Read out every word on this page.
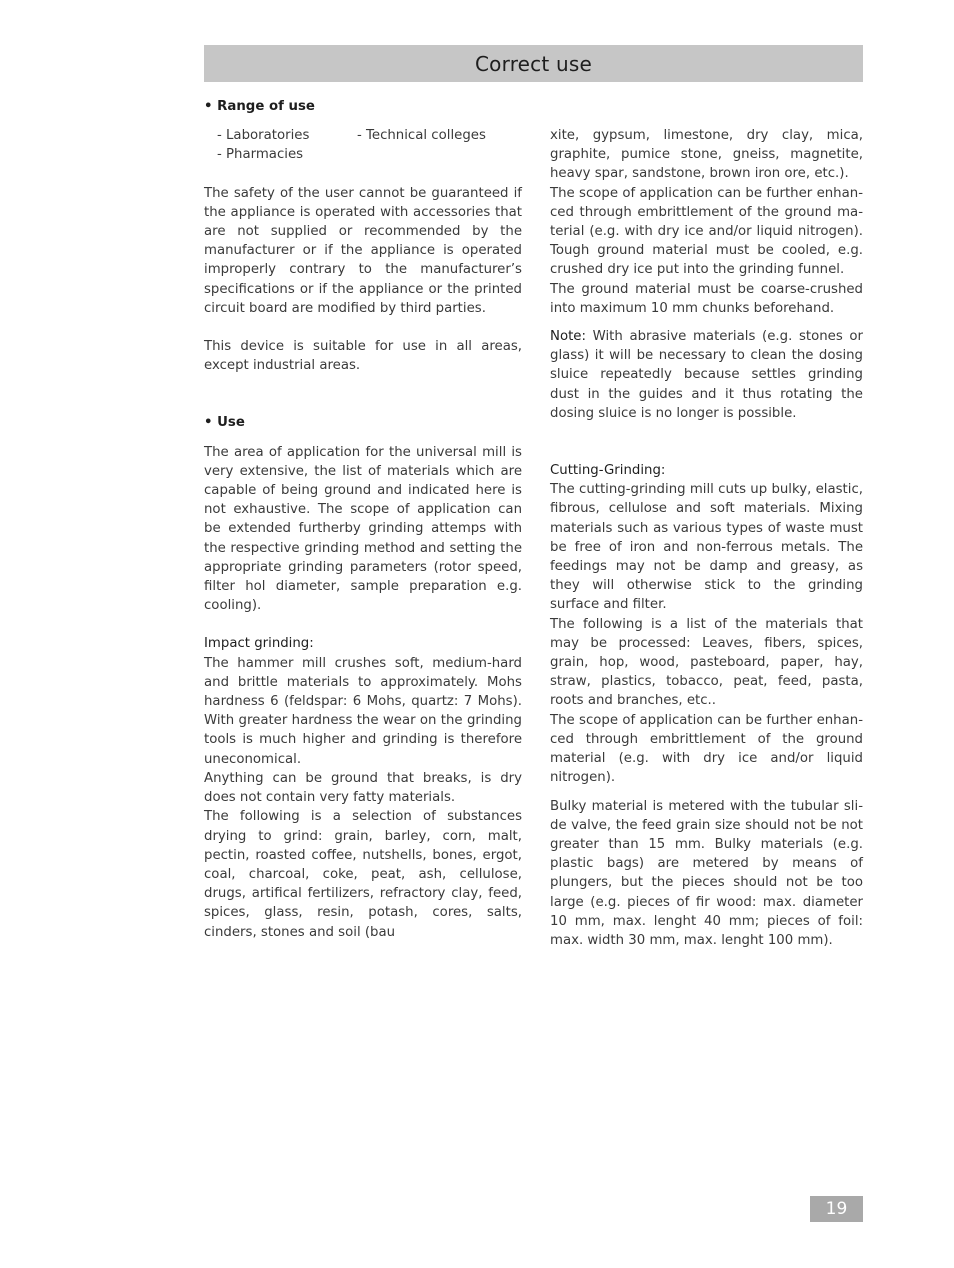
Correct use

• Range of use

- Laboratories	- Technical colleges
- Pharmacies

The safety of the user cannot be guaranteed if the appliance is operated with accessories that are not supplied or recommended by the manufacturer or if the appliance is operated improperly contrary to the manufacturer’s specifications or if the appliance or the printed circuit board are modified by third parties.

This device is suitable for use in all areas, except industrial areas.

• Use

The area of application for the universal mill is very extensive, the list of materials which are capable of being ground and indicated here is not exhaustive. The scope of application can be extended furtherby grinding attemps with the respective grinding method and setting the appropriate grinding parameters (rotor speed, filter hol diameter, sample preparation e.g. cooling).

Impact grinding:

The hammer mill crushes soft, medium-hard and brittle materials to approximately. Mohs hardness 6 (feldspar: 6 Mohs, quartz: 7 Mohs). With greater hardness the wear on the grinding tools is much higher and grinding is therefore uneconomical.

Anything can be ground that breaks, is dry does not contain very fatty materials.

The following is a selection of substances drying to grind: grain, barley, corn, malt, pectin, roasted coffee, nutshells, bones, ergot, coal, charcoal, coke, peat, ash, cellulose, drugs, artifical fertilizers, refractory clay, feed, spices, glass, resin, potash, cores, salts, cinders, stones and soil (bau

xite, gypsum, limestone, dry clay, mica, graphite, pumice stone, gneiss, magnetite, heavy spar, sandstone, brown iron ore, etc.).

The scope of application can be further enhanced through embrittlement of the ground material (e.g. with dry ice and/or liquid nitrogen). Tough ground material must be cooled, e.g. crushed dry ice put into the grinding funnel.

The ground material must be coarse-crushed into maximum 10 mm chunks beforehand.

Note: With abrasive materials (e.g. stones or glass) it will be necessary to clean the dosing sluice repeatedly because settles grinding dust in the guides and it thus rotating the dosing sluice is no longer is possible.

Cutting-Grinding:

The cutting-grinding mill cuts up bulky, elastic, fibrous, cellulose and soft materials. Mixing materials such as various types of waste must be free of iron and non-ferrous metals. The feedings may not be damp and greasy, as they will otherwise stick to the grinding surface and filter.

The following is a list of the materials that may be processed: Leaves, fibers, spices, grain, hop, wood, pasteboard, paper, hay, straw, plastics, tobacco, peat, feed, pasta, roots and branches, etc..

The scope of application can be further enhanced through embrittlement of the ground material (e.g. with dry ice and/or liquid nitrogen).

Bulky material is metered with the tubular slide valve, the feed grain size should not be not greater than 15 mm. Bulky materials (e.g. plastic bags) are metered by means of plungers, but the pieces should not be too large (e.g. pieces of fir wood: max. diameter 10 mm, max. lenght 40 mm; pieces of foil: max. width 30 mm, max. lenght 100 mm).

19
